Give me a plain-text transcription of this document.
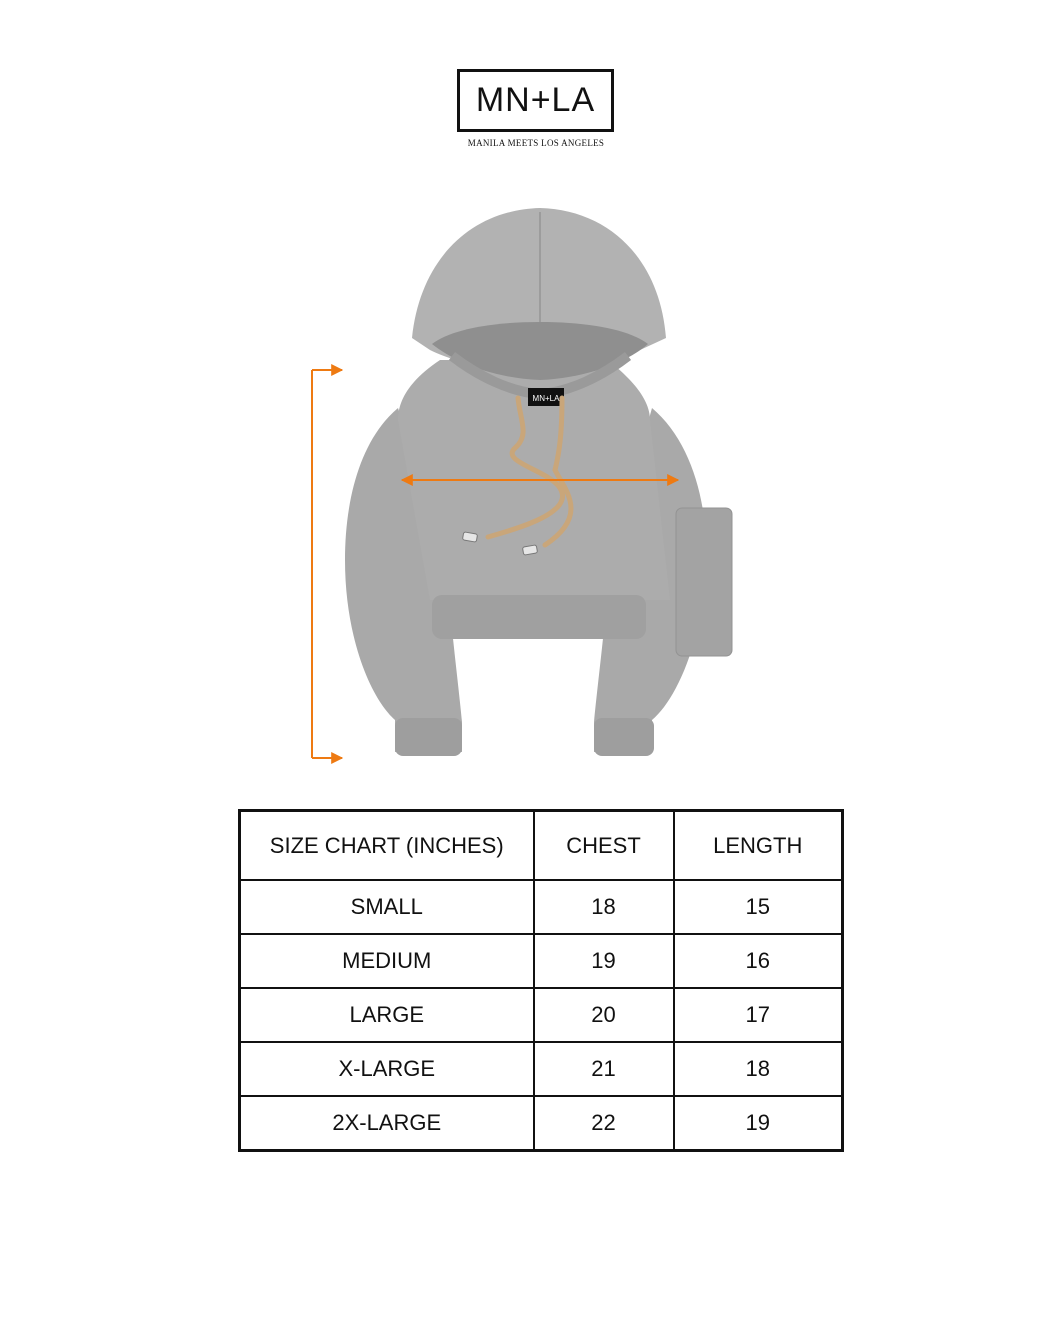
MN+LA
MANILA MEETS LOS ANGELES
MN+LA
SIZE CHART (INCHES)	CHEST	LENGTH
SMALL	18	15
MEDIUM	19	16
LARGE	20	17
X-LARGE	21	18
2X-LARGE	22	19
